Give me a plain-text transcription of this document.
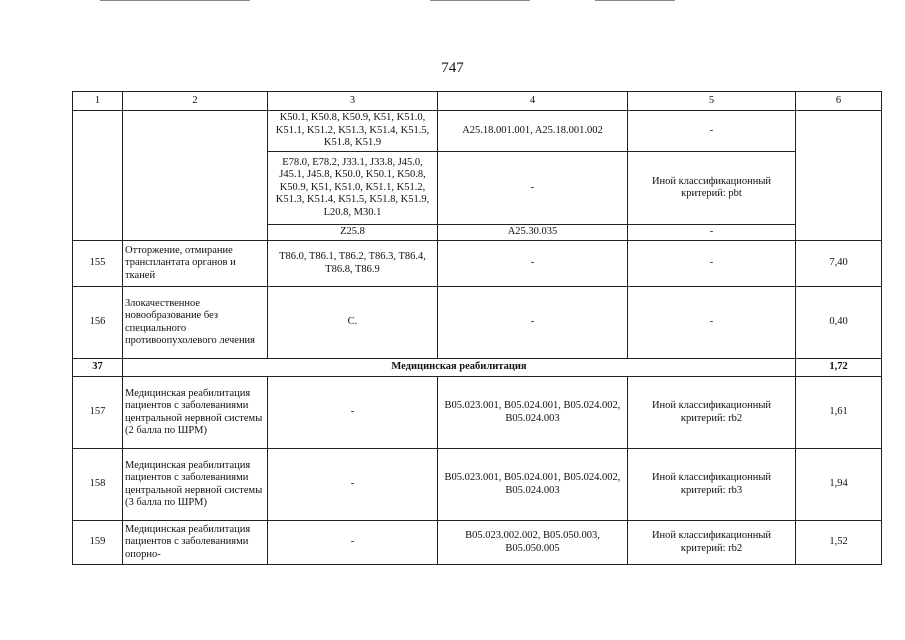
747
1	2	3	4	5	6
		K50.1, K50.8, K50.9, K51, K51.0, K51.1, K51.2, K51.3, K51.4, K51.5, K51.8, K51.9	A25.18.001.001, A25.18.001.002	-	
		E78.0, E78.2, J33.1, J33.8, J45.0, J45.1, J45.8, K50.0, K50.1, K50.8, K50.9, K51, K51.0, K51.1, K51.2, K51.3, K51.4, K51.5, K51.8, K51.9, L20.8, M30.1	-	Иной классификационный критерий: pbt	
		Z25.8	A25.30.035	-	
155	Отторжение, отмирание трансплантата органов и тканей	T86.0, T86.1, T86.2, T86.3, T86.4, T86.8, T86.9	-	-	7,40
156	Злокачественное новообразование без специального противоопухолевого лечения	C.	-	-	0,40
37	Медицинская реабилитация				1,72
157	Медицинская реабилитация пациентов с заболеваниями центральной нервной системы (2 балла по ШРМ)	-	B05.023.001, B05.024.001, B05.024.002, B05.024.003	Иной классификационный критерий: rb2	1,61
158	Медицинская реабилитация пациентов с заболеваниями центральной нервной системы (3 балла по ШРМ)	-	B05.023.001, B05.024.001, B05.024.002, B05.024.003	Иной классификационный критерий: rb3	1,94
159	Медицинская реабилитация пациентов с заболеваниями опорно-	-	B05.023.002.002, B05.050.003, B05.050.005	Иной классификационный критерий: rb2	1,52
